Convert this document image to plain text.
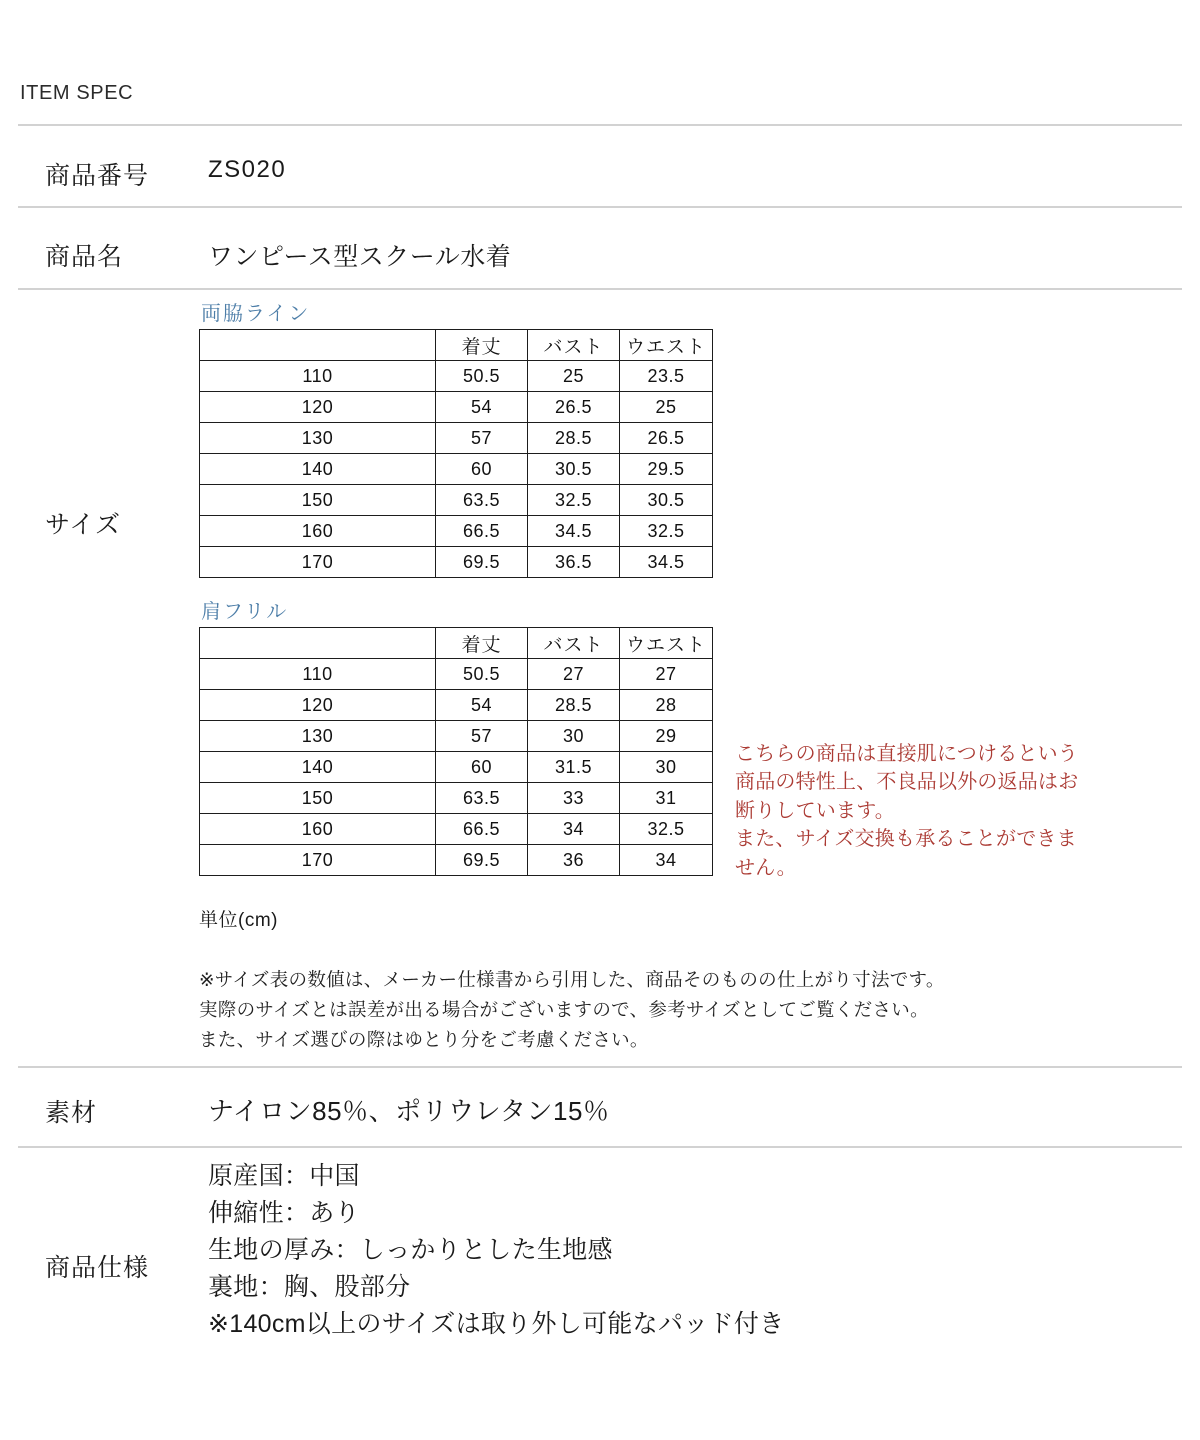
ITEM SPEC
商品番号 ZS020
商品名	ワンピース型スクール水着
サイズ
両脇ライン
	着丈	バスト	ウエスト
110	50.5	25	23.5
120	54	26.5	25
130	57	28.5	26.5
140	60	30.5	29.5
150	63.5	32.5	30.5
160	66.5	34.5	32.5
170	69.5	36.5	34.5
肩フリル
	着丈	バスト	ウエスト
110	50.5	27	27
120	54	28.5	28
130	57	30	29
140	60	31.5	30
150	63.5	33	31
160	66.5	34	32.5
170	69.5	36	34
単位(cm)
※サイズ表の数値は、メーカー仕様書から引用した、商品そのものの仕上がり寸法です。
実際のサイズとは誤差が出る場合がございますので、参考サイズとしてご覧ください。
また、サイズ選びの際はゆとり分をご考慮ください。
こちらの商品は直接肌につけるという
商品の特性上、不良品以外の返品はお
断りしています。
また、サイズ交換も承ることができま
せん。
素材	ナイロン85％、ポリウレタン15％
商品仕様
原産国：中国
伸縮性：あり
生地の厚み：しっかりとした生地感
裏地：胸、股部分
※140cm以上のサイズは取り外し可能なパッド付き
